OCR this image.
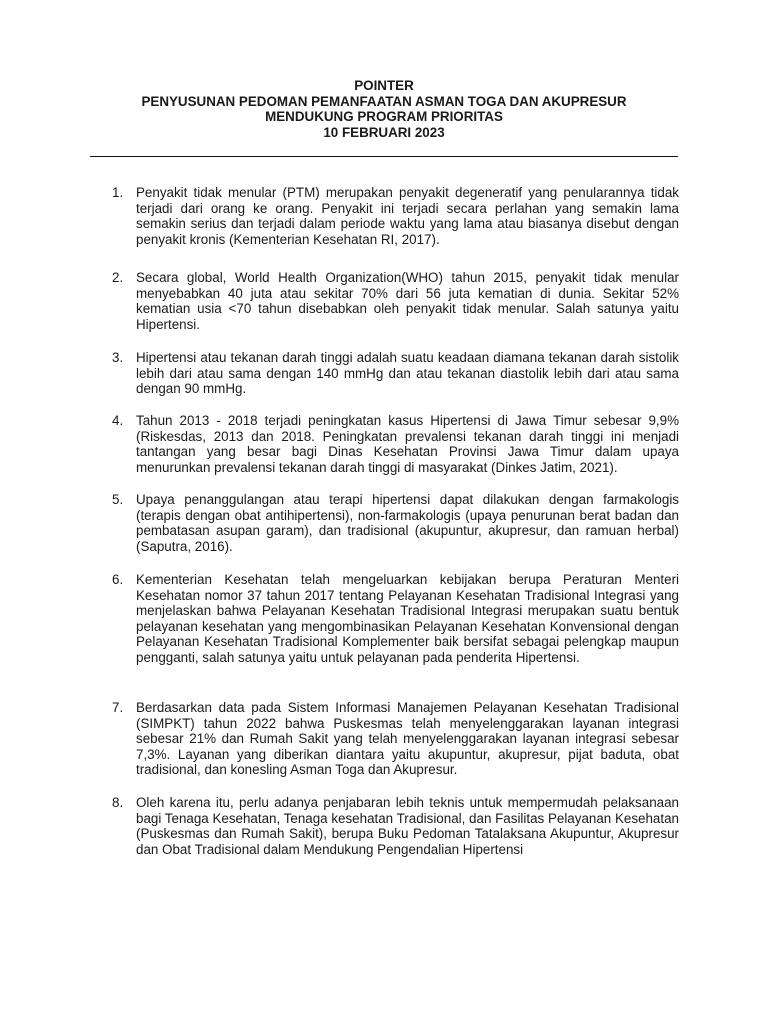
POINTER
PENYUSUNAN PEDOMAN PEMANFAATAN ASMAN TOGA DAN AKUPRESUR
MENDUKUNG PROGRAM PRIORITAS
10 FEBRUARI 2023
1. Penyakit tidak menular (PTM) merupakan penyakit degeneratif yang penularannya tidak terjadi dari orang ke orang. Penyakit ini terjadi secara perlahan yang semakin lama semakin serius dan terjadi dalam periode waktu yang lama atau biasanya disebut dengan penyakit kronis (Kementerian Kesehatan RI, 2017).
2. Secara global, World Health Organization(WHO) tahun 2015, penyakit tidak menular menyebabkan 40 juta atau sekitar 70% dari 56 juta kematian di dunia. Sekitar 52% kematian usia <70 tahun disebabkan oleh penyakit tidak menular. Salah satunya yaitu Hipertensi.
3. Hipertensi atau tekanan darah tinggi adalah suatu keadaan diamana tekanan darah sistolik lebih dari atau sama dengan 140 mmHg dan atau tekanan diastolik lebih dari atau sama dengan 90 mmHg.
4. Tahun 2013 - 2018 terjadi peningkatan kasus Hipertensi di Jawa Timur sebesar 9,9% (Riskesdas, 2013 dan 2018. Peningkatan prevalensi tekanan darah tinggi ini menjadi tantangan yang besar bagi Dinas Kesehatan Provinsi Jawa Timur dalam upaya menurunkan prevalensi tekanan darah tinggi di masyarakat (Dinkes Jatim, 2021).
5. Upaya penanggulangan atau terapi hipertensi dapat dilakukan dengan farmakologis (terapis dengan obat antihipertensi), non-farmakologis (upaya penurunan berat badan dan pembatasan asupan garam), dan tradisional (akupuntur, akupresur, dan ramuan herbal) (Saputra, 2016).
6. Kementerian Kesehatan telah mengeluarkan kebijakan berupa Peraturan Menteri Kesehatan nomor 37 tahun 2017 tentang Pelayanan Kesehatan Tradisional Integrasi yang menjelaskan bahwa Pelayanan Kesehatan Tradisional Integrasi merupakan suatu bentuk pelayanan kesehatan yang mengombinasikan Pelayanan Kesehatan Konvensional dengan Pelayanan Kesehatan Tradisional Komplementer baik bersifat sebagai pelengkap maupun pengganti, salah satunya yaitu untuk pelayanan pada penderita Hipertensi.
7. Berdasarkan data pada Sistem Informasi Manajemen Pelayanan Kesehatan Tradisional (SIMPKT) tahun 2022 bahwa Puskesmas telah menyelenggarakan layanan integrasi sebesar 21% dan Rumah Sakit yang telah menyelenggarakan layanan integrasi sebesar 7,3%. Layanan yang diberikan diantara yaitu akupuntur, akupresur, pijat baduta, obat tradisional, dan konesling Asman Toga dan Akupresur.
8. Oleh karena itu, perlu adanya penjabaran lebih teknis untuk mempermudah pelaksanaan bagi Tenaga Kesehatan, Tenaga kesehatan Tradisional, dan Fasilitas Pelayanan Kesehatan (Puskesmas dan Rumah Sakit), berupa Buku Pedoman Tatalaksana Akupuntur, Akupresur dan Obat Tradisional dalam Mendukung Pengendalian Hipertensi
